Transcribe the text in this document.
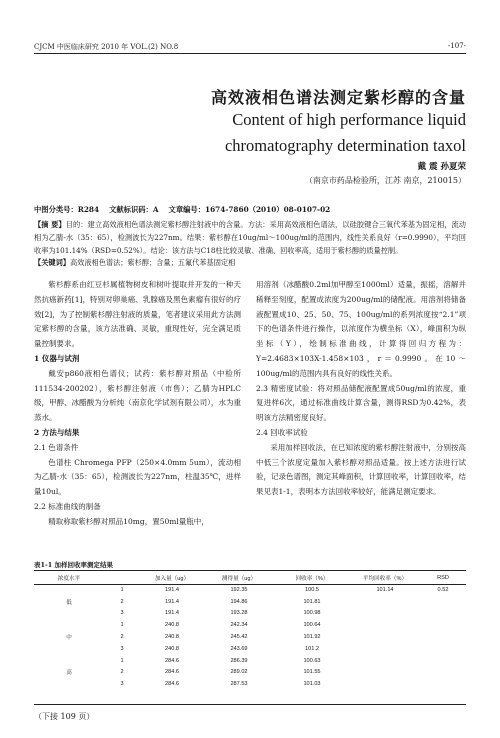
CJCM 中医临床研究 2010 年 VOL.(2) NO.8	-107-
高效液相色谱法测定紫杉醇的含量
Content of high performance liquid
chromatography determination taxol
戴 震 孙夏荣
（南京市药品检验所，江苏 南京，210015）
中图分类号：R284 文献标识码：A 文章编号：1674-7860（2010）08-0107-02
【摘 要】目的：建立高效液相色谱法测定紫杉醇注射液中的含量。方法：采用高效液相色谱法，以硅胶键合三氧代苯基为固定相，流动相为乙腈-水（35：65），检测波长为227nm。结果：紫杉醇在10ug/ml～100ug/ml的范围内，线性关系良好（r=0.9990），平均回收率为101.14%（RSD=0.52%）。结论：该方法与C18柱比较灵敏、准确、回收率高，适用于紫杉醇的质量控制。
【关键词】高效液相色谱法；紫杉醇；含量；五氟代苯基固定相

紫杉醇系由红豆杉属植物树皮和树叶提取并开发的一种天然抗癌新药[1]，特别对卵巢癌、乳腺癌及黑色素瘤有很好的疗效[2]，为了控制紫杉醇注射液的质量，笔者建议采用此方法测定紫杉醇的含量，该方法准确、灵敏，重现性好，完全满足质量控制要求。

1 仪器与试剂

戴安p860液相色谱仪；试药：紫杉醇对照品（中检所111534-200202），紫杉醇注射液（市售）；乙腈为HPLC级，甲醇、冰醋酸为分析纯（南京化学试剂有限公司），水为重蒸水。

2 方法与结果

2.1 色谱条件

色谱柱 Chromega PFP（250×4.0mm 5um），流动相为乙腈-水（35：65），检测波长为227nm，柱温35℃，进样量10ul。

2.2 标准曲线的制备

精取称取紫杉醇对照品10mg，置50ml量瓶中，

用溶剂（冰醋酸0.2ml加甲醇至1000ml）适量，振摇，溶解并稀释至刻度，配置成浓度为200ug/ml的储配液。用溶剂将储备液配置成10、25、50、75、100ug/ml的系列浓度按“2.1”项下的色谱条件进行操作，以浓度作为横坐标（X），峰面积为纵坐标（Y），绘制标准曲线，计算得回归方程为：Y=2.4683×103X-1.458×103，r＝0.9990。在10～100ug/ml的范围内具有良好的线性关系。

2.3 精密度试验：将对照品储配液配置成50ug/ml的浓度，重复进样6次，通过标准曲线计算含量，测得RSD为0.42%，表明该方法精密度良好。

2.4 回收率试验

采用加样回收法，在已知浓度的紫杉醇注射液中，分别按高中低三个浓度定量加入紫杉醇对照品适量。按上述方法进行试验，记录色谱图，测定其峰面积，计算回收率，计算回收率，结果见表1-1，表明本方法回收率较好，能满足测定要求。

表1-1 加样回收率测定结果
浓度水平		加入量（ug）	测得量（ug）	回收率（%）	平均回收率（%）	RSD
	1	191.4	192.35	100.5	101.14	0.52
低	2	191.4	194.86	101.81		
	3	191.4	193.28	100.98		
	1	240.8	242.34	100.64		
中	2	240.8	245.42	101.92		
	3	240.8	243.69	101.2		
	1	284.6	286.39	100.63		
高	2	284.6	289.02	101.55		
	3	284.6	287.53	101.03		
（下接 109 页）
